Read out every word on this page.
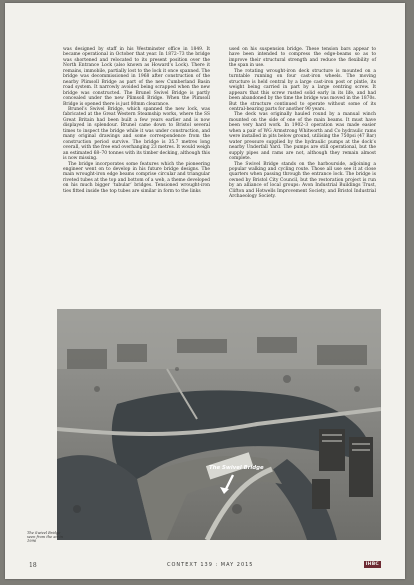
was designed by staff in his Westminster office in 1849. It became operational in October that year. In 1872–73 the bridge was shortened and relocated to its present position over the North Entrance Lock (also known as Howard’s Lock). There it remains, immobile, partially lost to the lock it once spanned. The bridge was decommissioned in 1968 after construction of the nearby Plimsoll Bridge as part of the new Cumberland Basin road system. It narrowly avoided being scrapped when the new bridge was constructed. The Brunel Swivel Bridge is partly concealed under the new Plimsoll Bridge. When the Plimsoll Bridge is opened there is just 80mm clearance.

Brunel’s Swivel Bridge, which spanned the new lock, was fabricated at the Great Western Steamship works, where the SS Great Britain had been built a few years earlier and is now displayed in splendour. Brunel came down to Bristol several times to inspect the bridge while it was under construction, and many original drawings and some correspondence from the construction period survive. The bridge is 35.7 metres long overall, with the free end overhanging 23 metres. It would weigh an estimated 68–70 tonnes with its timber decking, although this is now missing.

The bridge incorporates some features which the pioneering engineer went on to develop in his future bridge designs. The main wrought-iron edge beams comprise circular and triangular riveted tubes at the top and bottom of a web, a theme developed on his much bigger ‘tubular’ bridges. Tensioned wrought-iron ties fitted inside the top tubes are similar in form to the links

used on his suspension bridge. These tension bars appear to have been intended to compress the edge-beams so as to improve their structural strength and reduce the flexibility of the span in use.

The rotating wrought-iron deck structure is mounted on a turntable running on four cast-iron wheels. The moving structure is held central by a large cast-iron post or pintle, its weight being carried in part by a large centring screw. It appears that this screw rusted solid early in its life, and had been abandoned by the time the bridge was moved in the 1870s. But the structure continued to operate without some of its central-bearing parts for another 90 years.

The deck was originally hauled round by a manual winch mounted on the side of one of the main beams. It must have been very hard work. In 1902–3 operation was made easier when a pair of WG Armstrong Whitworth and Co hydraulic rams were installed in pits below ground, utilising the 750psi (47 Bar) water pressure supplied by the hydraulic pumps at the dock’s nearby Underfall Yard. The pumps are still operational, but the supply pipes and rams are not, although they remain almost complete.

The Swivel Bridge stands on the harbourside, adjoining a popular walking and cycling route. Those all use see it at close quarters when passing through the entrance lock. The bridge is owned by Bristol City Council, but the restoration project is run by an alliance of local groups: Avon Industrial Buildings Trust, Clifton and Hotwells Improvement Society, and Bristol Industrial Archaeology Society.

The Swivel Bridge
The Swivel Bridge seen from the air in 1996
18	CONTEXT 139 : MAY 2015	IHBC
